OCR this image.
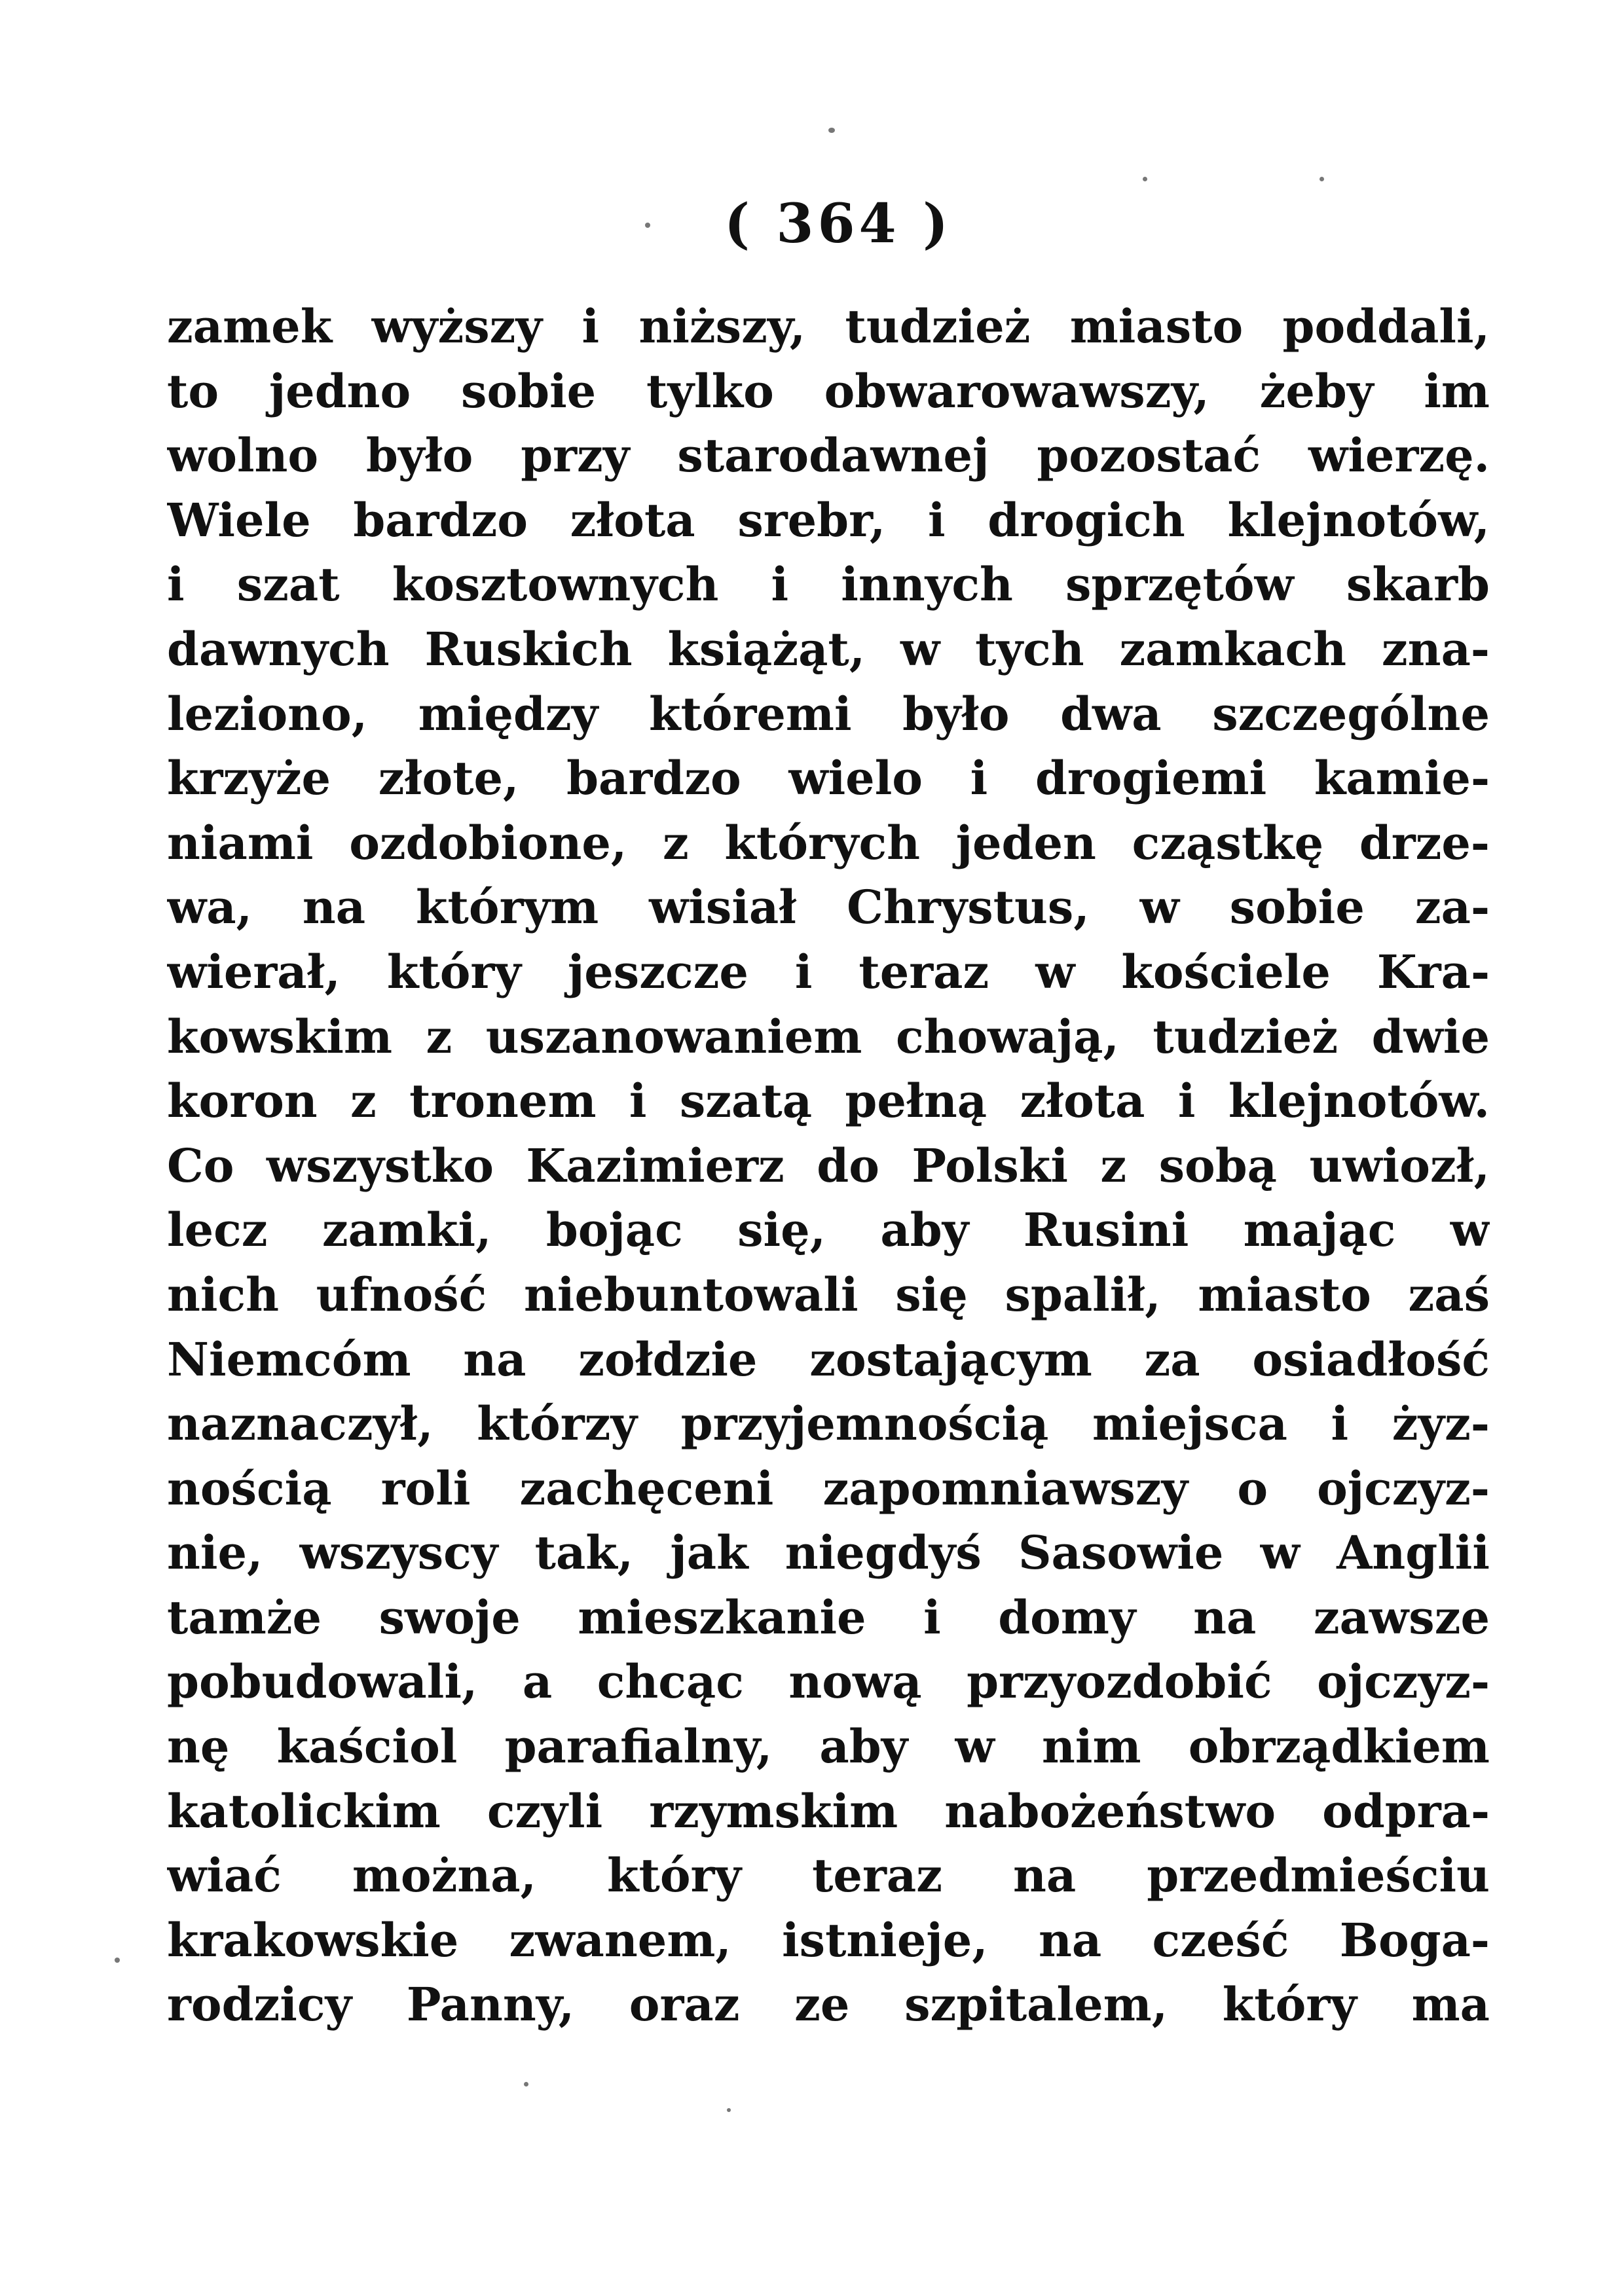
( 364 )
zamek wyższy i niższy, tudzież miasto poddali,
to jedno sobie tylko obwarowawszy, żeby im
wolno było przy starodawnej pozostać wierzę.
Wiele bardzo złota srebr, i drogich klejnotów,
i szat kosztownych i innych sprzętów skarb
dawnych Ruskich książąt, w tych zamkach zna-
leziono, między któremi było dwa szczególne
krzyże złote, bardzo wielo i drogiemi kamie-
niami ozdobione, z których jeden cząstkę drze-
wa, na którym wisiał Chrystus, w sobie za-
wierał, który jeszcze i teraz w kościele Kra-
kowskim z uszanowaniem chowają, tudzież dwie
koron z tronem i szatą pełną złota i klejnotów.
Co wszystko Kazimierz do Polski z sobą uwiozł,
lecz zamki, bojąc się, aby Rusini mając w
nich ufność niebuntowali się spalił, miasto zaś
Niemcóm na zołdzie zostającym za osiadłość
naznaczył, którzy przyjemnością miejsca i żyz-
nością roli zachęceni zapomniawszy o ojczyz-
nie, wszyscy tak, jak niegdyś Sasowie w Anglii
tamże swoje mieszkanie i domy na zawsze
pobudowali, a chcąc nową przyozdobić ojczyz-
nę kaściol parafialny, aby w nim obrządkiem
katolickim czyli rzymskim nabożeństwo odpra-
wiać można, który teraz na przedmieściu
krakowskie zwanem, istnieje, na cześć Boga-
rodzicy Panny, oraz ze szpitalem, który ma
